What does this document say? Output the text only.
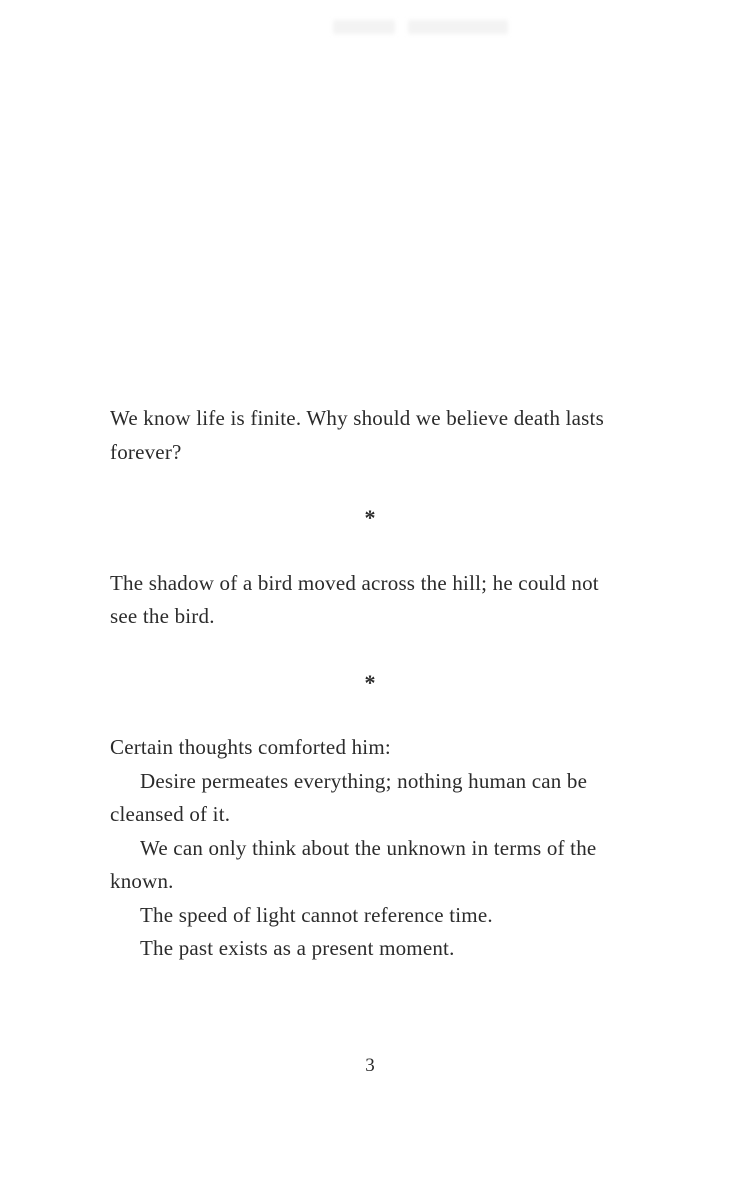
We know life is finite. Why should we believe death lasts
forever?
*
The shadow of a bird moved across the hill; he could not
see the bird.
*
Certain thoughts comforted him:
Desire permeates everything; nothing human can be
cleansed of it.
We can only think about the unknown in terms of the
known.
The speed of light cannot reference time.
The past exists as a present moment.
3
